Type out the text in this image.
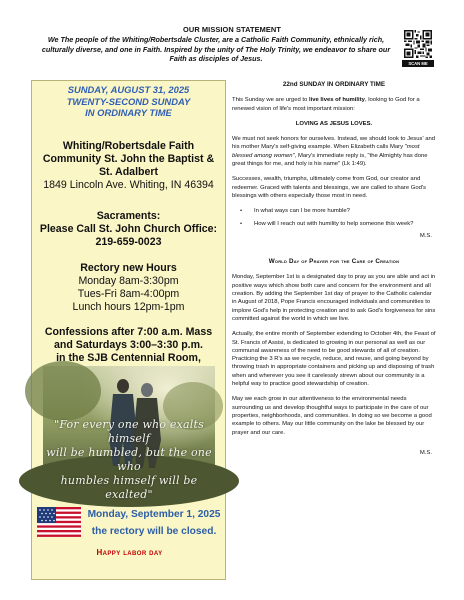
OUR MISSION STATEMENT
We The people of the Whiting/Robertsdale Cluster, are a Catholic Faith Community, ethnically rich, culturally diverse, and one in Faith. Inspired by the unity of The Holy Trinity, we endeavor to share our Faith as disciples of Jesus.
SCAN ME
SUNDAY, AUGUST 31, 2025
TWENTY-SECOND SUNDAY
IN ORDINARY TIME
Whiting/Robertsdale Faith
Community St. John the Baptist &
St. Adalbert
1849 Lincoln Ave. Whiting, IN 46394
Sacraments:
Please Call St. John Church Office:
219-659-0023
Rectory new Hours
Monday 8am-3:30pm
Tues-Fri 8am-4:00pm
Lunch hours 12pm-1pm
Confessions after 7:00 a.m. Mass
and Saturdays 3:00–3:30 p.m.
in the SJB Centennial Room,
"For every one who exalts himself
will be humbled, but the one who
humbles himself will be exalted"
Monday, September 1, 2025
the rectory will be closed.
Happy labor day
22nd SUNDAY IN ORDINARY TIME
This Sunday we are urged to live lives of humility, looking to God for a renewed vision of life's most important mission:
LOVING AS JESUS LOVES.
We must not seek honors for ourselves. Instead, we should look to Jesus' and his mother Mary's self-giving example. When Elizabeth calls Mary "most blessed among women", Mary's immediate reply is, "the Almighty has done great things for me, and holy is his name" (Lk 1:49).
Successes, wealth, triumphs, ultimately come from God, our creator and redeemer. Graced with talents and blessings, we are called to share God's blessings with others especially those most in need.
• In what ways can I be more humble?
• How will I reach out with humility to help someone this week?
M.S.
World Day of Prayer for the Care of Creation
Monday, September 1st is a designated day to pray as you are able and act in positive ways which show both care and concern for the environment and all creation. By adding the September 1st day of prayer to the Catholic calendar in August of 2018, Pope Francis encouraged individuals and communities to implore God's help in protecting creation and to ask God's forgiveness for sins committed against the world in which we live.
Actually, the entire month of September extending to October 4th, the Feast of St. Francis of Assisi, is dedicated to growing in our personal as well as our communal awareness of the need to be good stewards of all of creation. Practicing the 3 R's as we recycle, reduce, and reuse, and going beyond by throwing trash in appropriate containers and picking up and disposing of trash when and wherever you see it carelessly strewn about our community is a helpful way to practice good stewardship of creation.
May we each grow in our attentiveness to the environmental needs surrounding us and develop thoughtful ways to participate in the care of our properties, neighborhoods, and communities. In doing so we become a good example to others. May our little community on the lake be blessed by our prayer and our care.
M.S.
